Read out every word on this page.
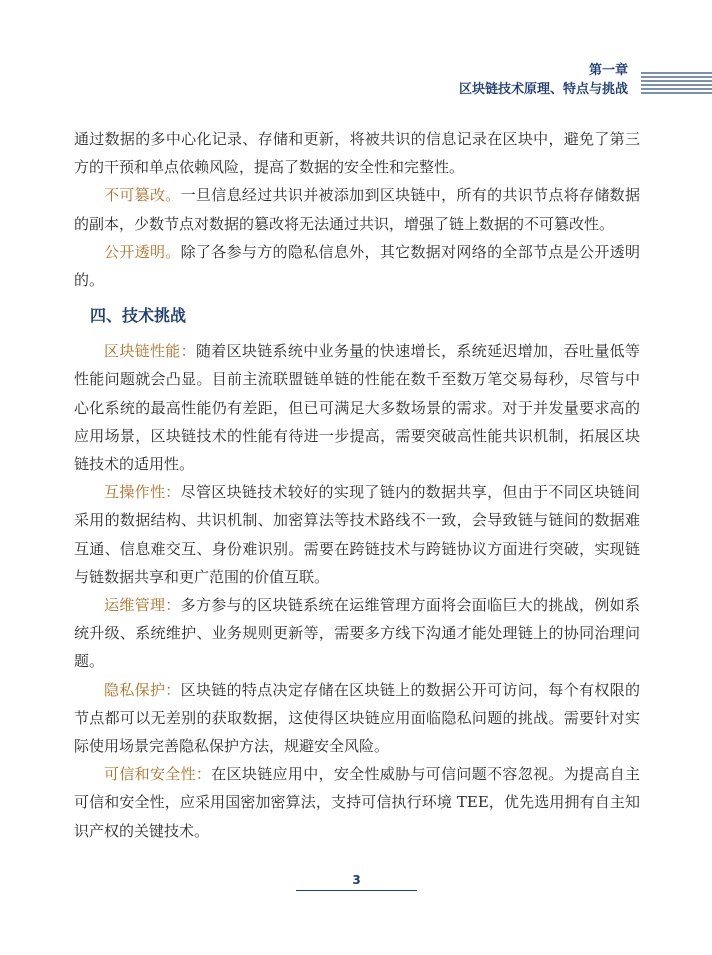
第一章
区块链技术原理、特点与挑战

通过数据的多中心化记录、存储和更新，将被共识的信息记录在区块中，避免了第三方的干预和单点依赖风险，提高了数据的安全性和完整性。

不可篡改。一旦信息经过共识并被添加到区块链中，所有的共识节点将存储数据的副本，少数节点对数据的篡改将无法通过共识，增强了链上数据的不可篡改性。

公开透明。除了各参与方的隐私信息外，其它数据对网络的全部节点是公开透明的。

四、技术挑战

区块链性能：随着区块链系统中业务量的快速增长，系统延迟增加，吞吐量低等性能问题就会凸显。目前主流联盟链单链的性能在数千至数万笔交易每秒，尽管与中心化系统的最高性能仍有差距，但已可满足大多数场景的需求。对于并发量要求高的应用场景，区块链技术的性能有待进一步提高，需要突破高性能共识机制，拓展区块链技术的适用性。

互操作性：尽管区块链技术较好的实现了链内的数据共享，但由于不同区块链间采用的数据结构、共识机制、加密算法等技术路线不一致，会导致链与链间的数据难互通、信息难交互、身份难识别。需要在跨链技术与跨链协议方面进行突破，实现链与链数据共享和更广范围的价值互联。

运维管理：多方参与的区块链系统在运维管理方面将会面临巨大的挑战，例如系统升级、系统维护、业务规则更新等，需要多方线下沟通才能处理链上的协同治理问题。

隐私保护：区块链的特点决定存储在区块链上的数据公开可访问，每个有权限的节点都可以无差别的获取数据，这使得区块链应用面临隐私问题的挑战。需要针对实际使用场景完善隐私保护方法，规避安全风险。

可信和安全性：在区块链应用中，安全性威胁与可信问题不容忽视。为提高自主可信和安全性，应采用国密加密算法，支持可信执行环境 TEE，优先选用拥有自主知识产权的关键技术。

3
